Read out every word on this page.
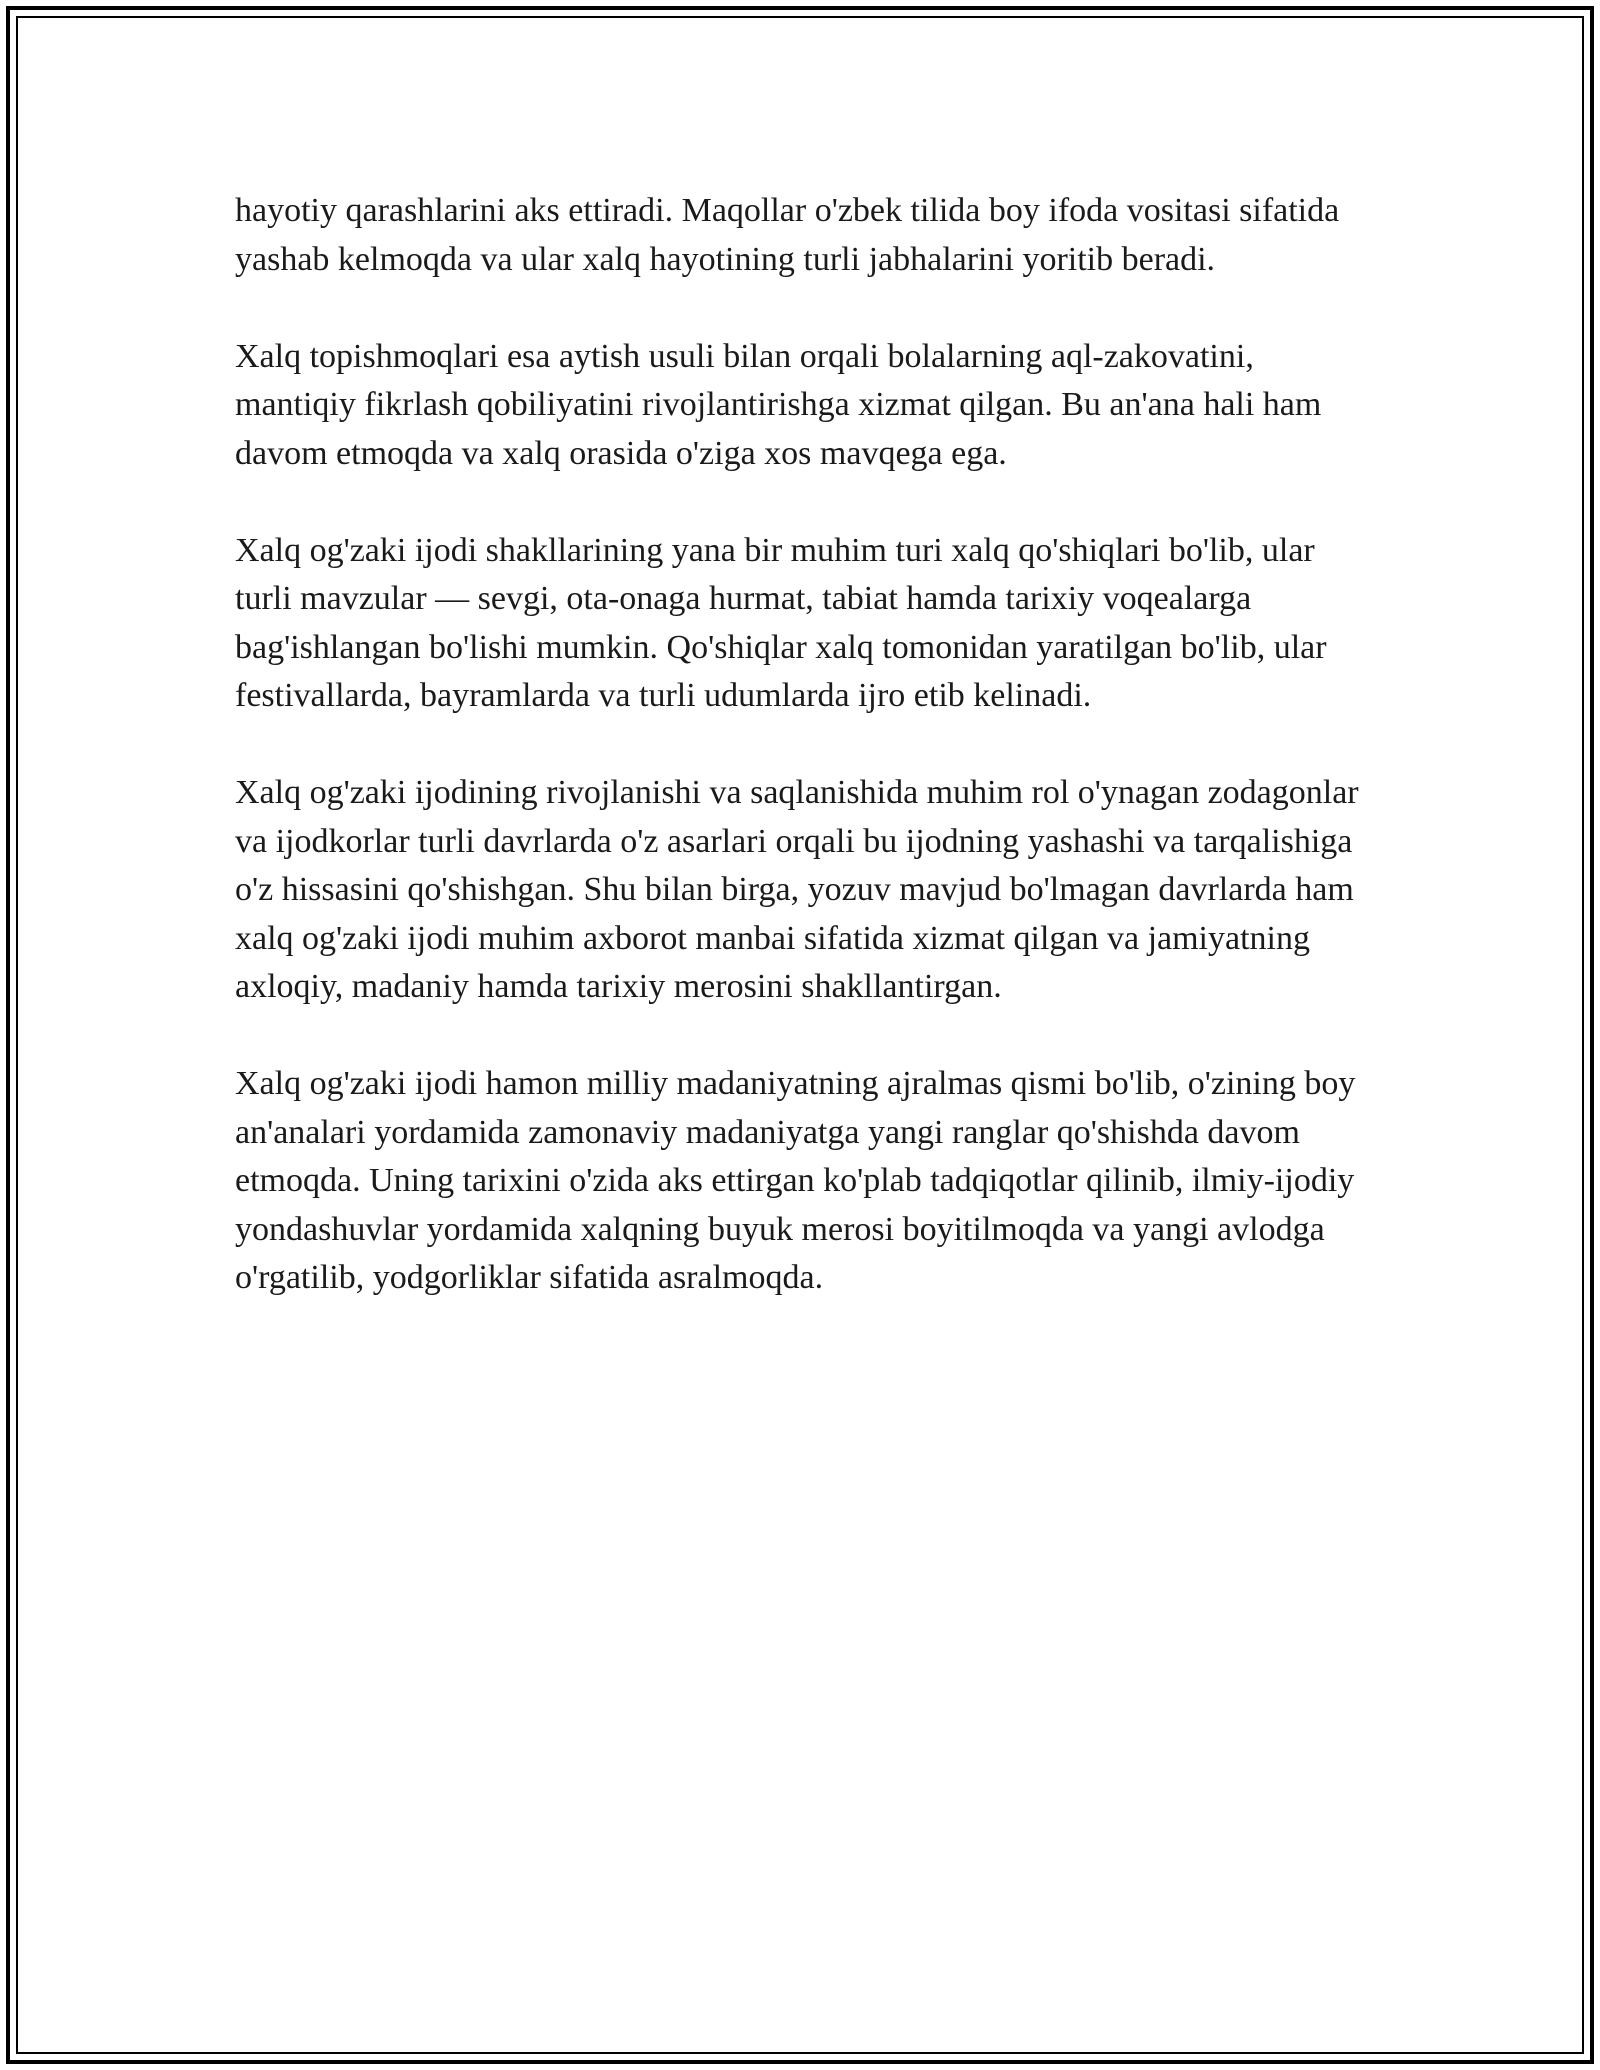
hayotiy qarashlarini aks ettiradi. Maqollar o'zbek tilida boy ifoda vositasi sifatida yashab kelmoqda va ular xalq hayotining turli jabhalarini yoritib beradi.

Xalq topishmoqlari esa aytish usuli bilan orqali bolalarning aql-zakovatini, mantiqiy fikrlash qobiliyatini rivojlantirishga xizmat qilgan. Bu an'ana hali ham davom etmoqda va xalq orasida o'ziga xos mavqega ega.

Xalq og'zaki ijodi shakllarining yana bir muhim turi xalq qo'shiqlari bo'lib, ular turli mavzular — sevgi, ota-onaga hurmat, tabiat hamda tarixiy voqealarga bag'ishlangan bo'lishi mumkin. Qo'shiqlar xalq tomonidan yaratilgan bo'lib, ular festivallarda, bayramlarda va turli udumlarda ijro etib kelinadi.

Xalq og'zaki ijodining rivojlanishi va saqlanishida muhim rol o'ynagan zodagonlar va ijodkorlar turli davrlarda o'z asarlari orqali bu ijodning yashashi va tarqalishiga o'z hissasini qo'shishgan. Shu bilan birga, yozuv mavjud bo'lmagan davrlarda ham xalq og'zaki ijodi muhim axborot manbai sifatida xizmat qilgan va jamiyatning axloqiy, madaniy hamda tarixiy merosini shakllantirgan.

Xalq og'zaki ijodi hamon milliy madaniyatning ajralmas qismi bo'lib, o'zining boy an'analari yordamida zamonaviy madaniyatga yangi ranglar qo'shishda davom etmoqda. Uning tarixini o'zida aks ettirgan ko'plab tadqiqotlar qilinib, ilmiy-ijodiy yondashuvlar yordamida xalqning buyuk merosi boyitilmoqda va yangi avlodga o'rgatilib, yodgorliklar sifatida asralmoqda.
